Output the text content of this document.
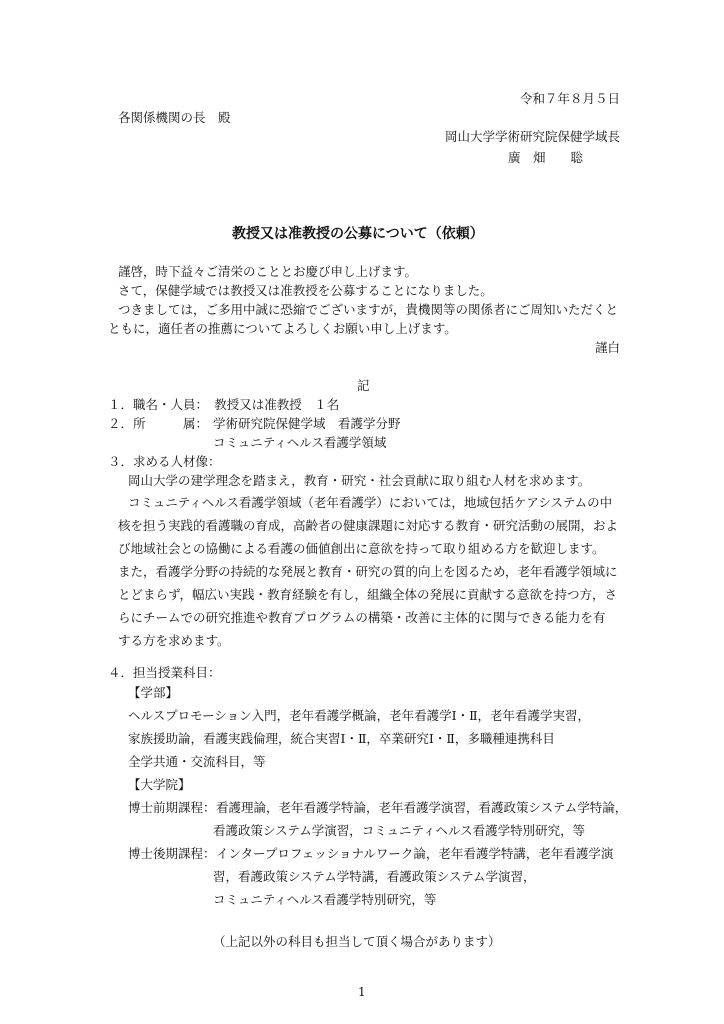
令和７年８月５日
各関係機関の長　殿
岡山大学学術研究院保健学域長
廣　畑　　聡
教授又は准教授の公募について（依頼）
謹啓，時下益々ご清栄のこととお慶び申し上げます。
さて，保健学域では教授又は准教授を公募することになりました。
つきましては，ご多用中誠に恐縮でございますが，貴機関等の関係者にご周知いただくと
ともに，適任者の推薦についてよろしくお願い申し上げます。
謹白
記
１．職名・人員：　教授又は准教授　１名
２．所　　　属： 学術研究院保健学域　看護学分野
コミュニティヘルス看護学領域
３．求める人材像：
岡山大学の建学理念を踏まえ，教育・研究・社会貢献に取り組む人材を求めます。
コミュニティヘルス看護学領域（老年看護学）においては，地域包括ケアシステムの中
核を担う実践的看護職の育成，高齢者の健康課題に対応する教育・研究活動の展開，およ
び地域社会との協働による看護の価値創出に意欲を持って取り組める方を歓迎します。
また，看護学分野の持続的な発展と教育・研究の質的向上を図るため，老年看護学領域に
とどまらず，幅広い実践・教育経験を有し，組織全体の発展に貢献する意欲を持つ方，さ
らにチームでの研究推進や教育プログラムの構築・改善に主体的に関与できる能力を有
する方を求めます。
４．担当授業科目：
【学部】
ヘルスプロモーション入門，老年看護学概論，老年看護学Ⅰ・Ⅱ，老年看護学実習，
家族援助論，看護実践倫理，統合実習Ⅰ・Ⅱ，卒業研究Ⅰ・Ⅱ，多職種連携科目
全学共通・交流科目，等
【大学院】
博士前期課程： 看護理論，老年看護学特論，老年看護学演習，看護政策システム学特論，
看護政策システム学演習，コミュニティヘルス看護学特別研究，等
博士後期課程： インタープロフェッショナルワーク論，老年看護学特講，老年看護学演
習，看護政策システム学特講，看護政策システム学演習，
コミュニティヘルス看護学特別研究，等
（上記以外の科目も担当して頂く場合があります）
1
